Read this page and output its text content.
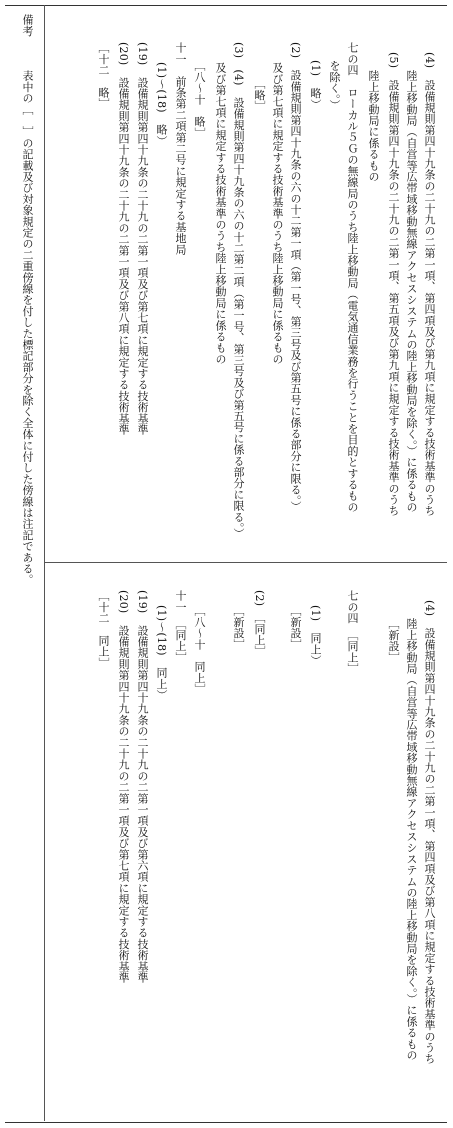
備考
表中の［　］の記載及び対象規定の二重傍線を付した標記部分を除く全体に付した傍線は注記である。	(4)　設備規則第四十九条の二十九の二第一項、第四項及び第九項に規定する技術基準のうち
陸上移動局（自営等広帯域移動無線アクセスシステムの陸上移動局を除く。）に係るもの
(5)　設備規則第四十九条の二十九の二第一項、第五項及び第九項に規定する技術基準のうち
陸上移動局に係るもの
七の四　ローカル５Ｇの無線局のうち陸上移動局（電気通信業務を行うことを目的とするもの
を除く。）
(1)　略）
(2)　設備規則第四十九条の六の十二第一項（第一号、第三号及び第五号に係る部分に限る。）
及び第七項に規定する技術基準のうち陸上移動局に係るもの
［略］
(3)　(4)　設備規則第四十九条の六の十二第二項（第一号、第三号及び第五号に係る部分に限る。）
及び第七項に規定する技術基準のうち陸上移動局に係るもの
［八～十　略］
十一　前条第二項第二号に規定する基地局
(1)～(18)　略）
(19)　設備規則第四十九条の二十九の二第一項及び第七項に規定する技術基準
(20)　設備規則第四十九条の二十九の二第一項及び第八項に規定する技術基準
［十二　略］
(4)　設備規則第四十九条の二十九の二第一項、第四項及び第八項に規定する技術基準のうち
陸上移動局（自営等広帯域移動無線アクセスシステムの陸上移動局を除く。）に係るもの
［新設］
七の四　［同上］
(1)　同上）
［新設］
(2)　［同上］
［新設］
［八～十　同上］
十一　［同上］
(1)～(18)　同上）
(19)　設備規則第四十九条の二十九の二第一項及び第六項に規定する技術基準
(20)　設備規則第四十九条の二十九の二第一項及び第七項に規定する技術基準
［十二　同上］
